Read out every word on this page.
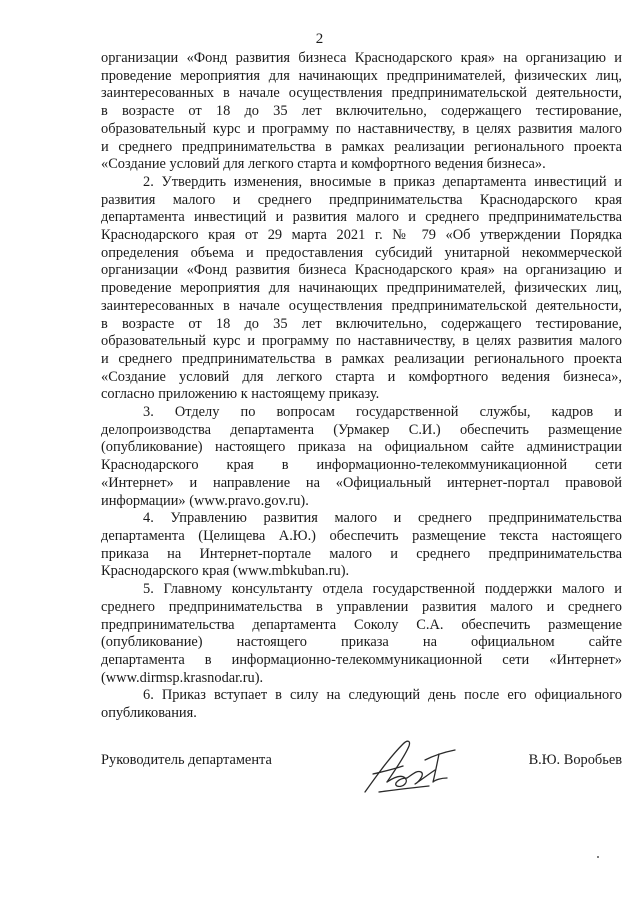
2
организации «Фонд развития бизнеса Краснодарского края» на организацию и
проведение мероприятия для начинающих предпринимателей, физических лиц,
заинтересованных в начале осуществления предпринимательской деятельности,
в возрасте от 18 до 35 лет включительно, содержащего тестирование,
образовательный курс и программу по наставничеству, в целях развития малого
и среднего предпринимательства в рамках реализации регионального проекта
«Создание условий для легкого старта и комфортного ведения бизнеса».
2. Утвердить изменения, вносимые в приказ департамента инвестиций и
развития малого и среднего предпринимательства Краснодарского края
департамента инвестиций и развития малого и среднего предпринимательства
Краснодарского края от 29 марта 2021 г. № 79 «Об утверждении Порядка
определения объема и предоставления субсидий унитарной некоммерческой
организации «Фонд развития бизнеса Краснодарского края» на организацию и
проведение мероприятия для начинающих предпринимателей, физических лиц,
заинтересованных в начале осуществления предпринимательской деятельности,
в возрасте от 18 до 35 лет включительно, содержащего тестирование,
образовательный курс и программу по наставничеству, в целях развития малого
и среднего предпринимательства в рамках реализации регионального проекта
«Создание условий для легкого старта и комфортного ведения бизнеса»,
согласно приложению к настоящему приказу.
3. Отделу по вопросам государственной службы, кадров и
делопроизводства департамента (Урмакер С.И.) обеспечить размещение
(опубликование) настоящего приказа на официальном сайте администрации
Краснодарского края в информационно-телекоммуникационной сети
«Интернет» и направление на «Официальный интернет-портал правовой
информации» (www.pravo.gov.ru).
4. Управлению развития малого и среднего предпринимательства
департамента (Целищева А.Ю.) обеспечить размещение текста настоящего
приказа на Интернет-портале малого и среднего предпринимательства
Краснодарского края (www.mbkuban.ru).
5. Главному консультанту отдела государственной поддержки малого и
среднего предпринимательства в управлении развития малого и среднего
предпринимательства департамента Соколу С.А. обеспечить размещение
(опубликование) настоящего приказа на официальном сайте
департамента в информационно-телекоммуникационной сети «Интернет»
(www.dirmsp.krasnodar.ru).
6. Приказ вступает в силу на следующий день после его официального
опубликования.
Руководитель департамента	В.Ю. Воробьев
